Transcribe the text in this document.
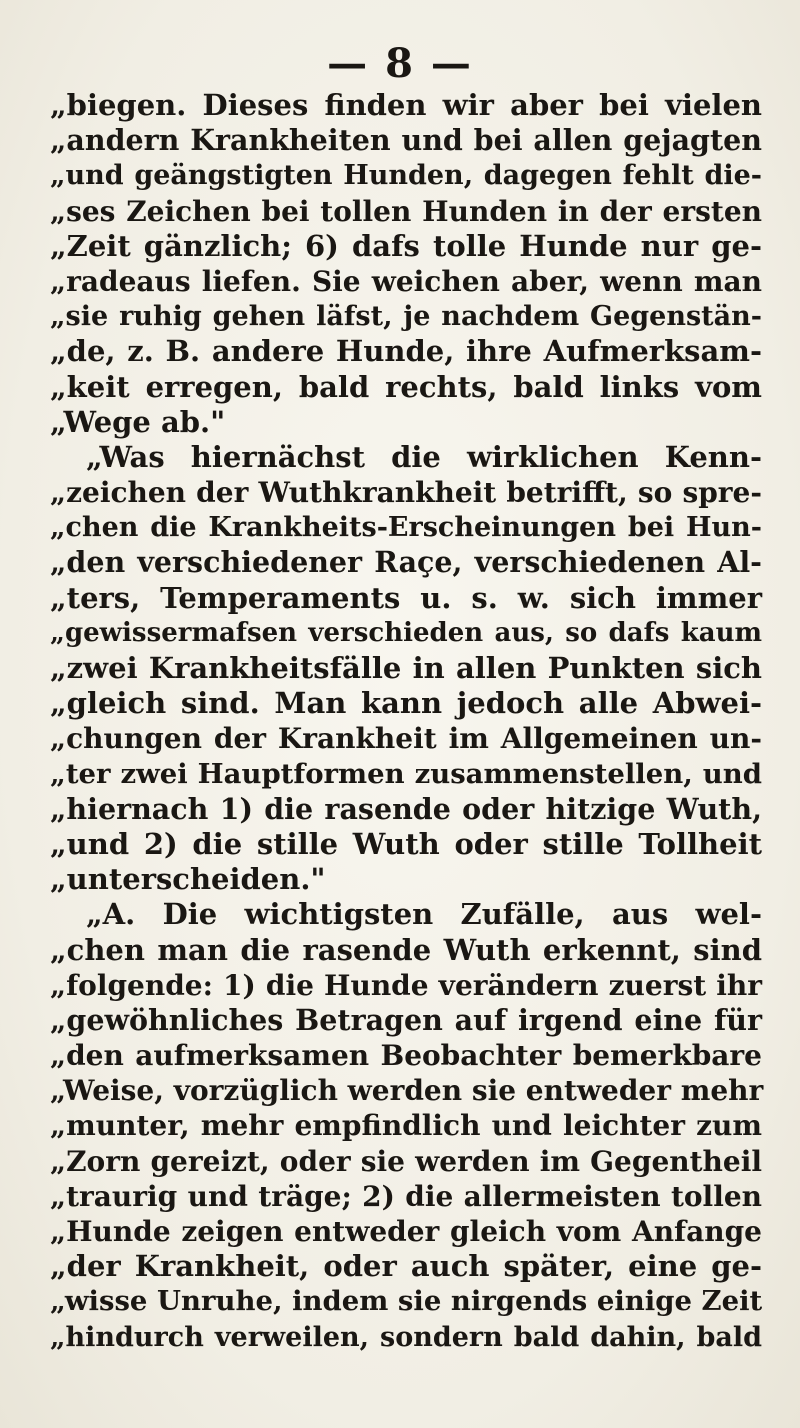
— 8 —
„biegen. Dieses finden wir aber bei vielen
„andern Krankheiten und bei allen gejagten
„und geängstigten Hunden, dagegen fehlt die-
„ses Zeichen bei tollen Hunden in der ersten
„Zeit gänzlich; 6) dafs tolle Hunde nur ge-
„radeaus liefen. Sie weichen aber, wenn man
„sie ruhig gehen läfst, je nachdem Gegenstän-
„de, z. B. andere Hunde, ihre Aufmerksam-
„keit erregen, bald rechts, bald links vom
„Wege ab."
„Was hiernächst die wirklichen Kenn-
„zeichen der Wuthkrankheit betrifft, so spre-
„chen die Krankheits-Erscheinungen bei Hun-
„den verschiedener Raçe, verschiedenen Al-
„ters, Temperaments u. s. w. sich immer
„gewissermafsen verschieden aus, so dafs kaum
„zwei Krankheitsfälle in allen Punkten sich
„gleich sind. Man kann jedoch alle Abwei-
„chungen der Krankheit im Allgemeinen un-
„ter zwei Hauptformen zusammenstellen, und
„hiernach 1) die rasende oder hitzige Wuth,
„und 2) die stille Wuth oder stille Tollheit
„unterscheiden."
„A. Die wichtigsten Zufälle, aus wel-
„chen man die rasende Wuth erkennt, sind
„folgende: 1) die Hunde verändern zuerst ihr
„gewöhnliches Betragen auf irgend eine für
„den aufmerksamen Beobachter bemerkbare
„Weise, vorzüglich werden sie entweder mehr
„munter, mehr empfindlich und leichter zum
„Zorn gereizt, oder sie werden im Gegentheil
„traurig und träge; 2) die allermeisten tollen
„Hunde zeigen entweder gleich vom Anfange
„der Krankheit, oder auch später, eine ge-
„wisse Unruhe, indem sie nirgends einige Zeit
„hindurch verweilen, sondern bald dahin, bald
